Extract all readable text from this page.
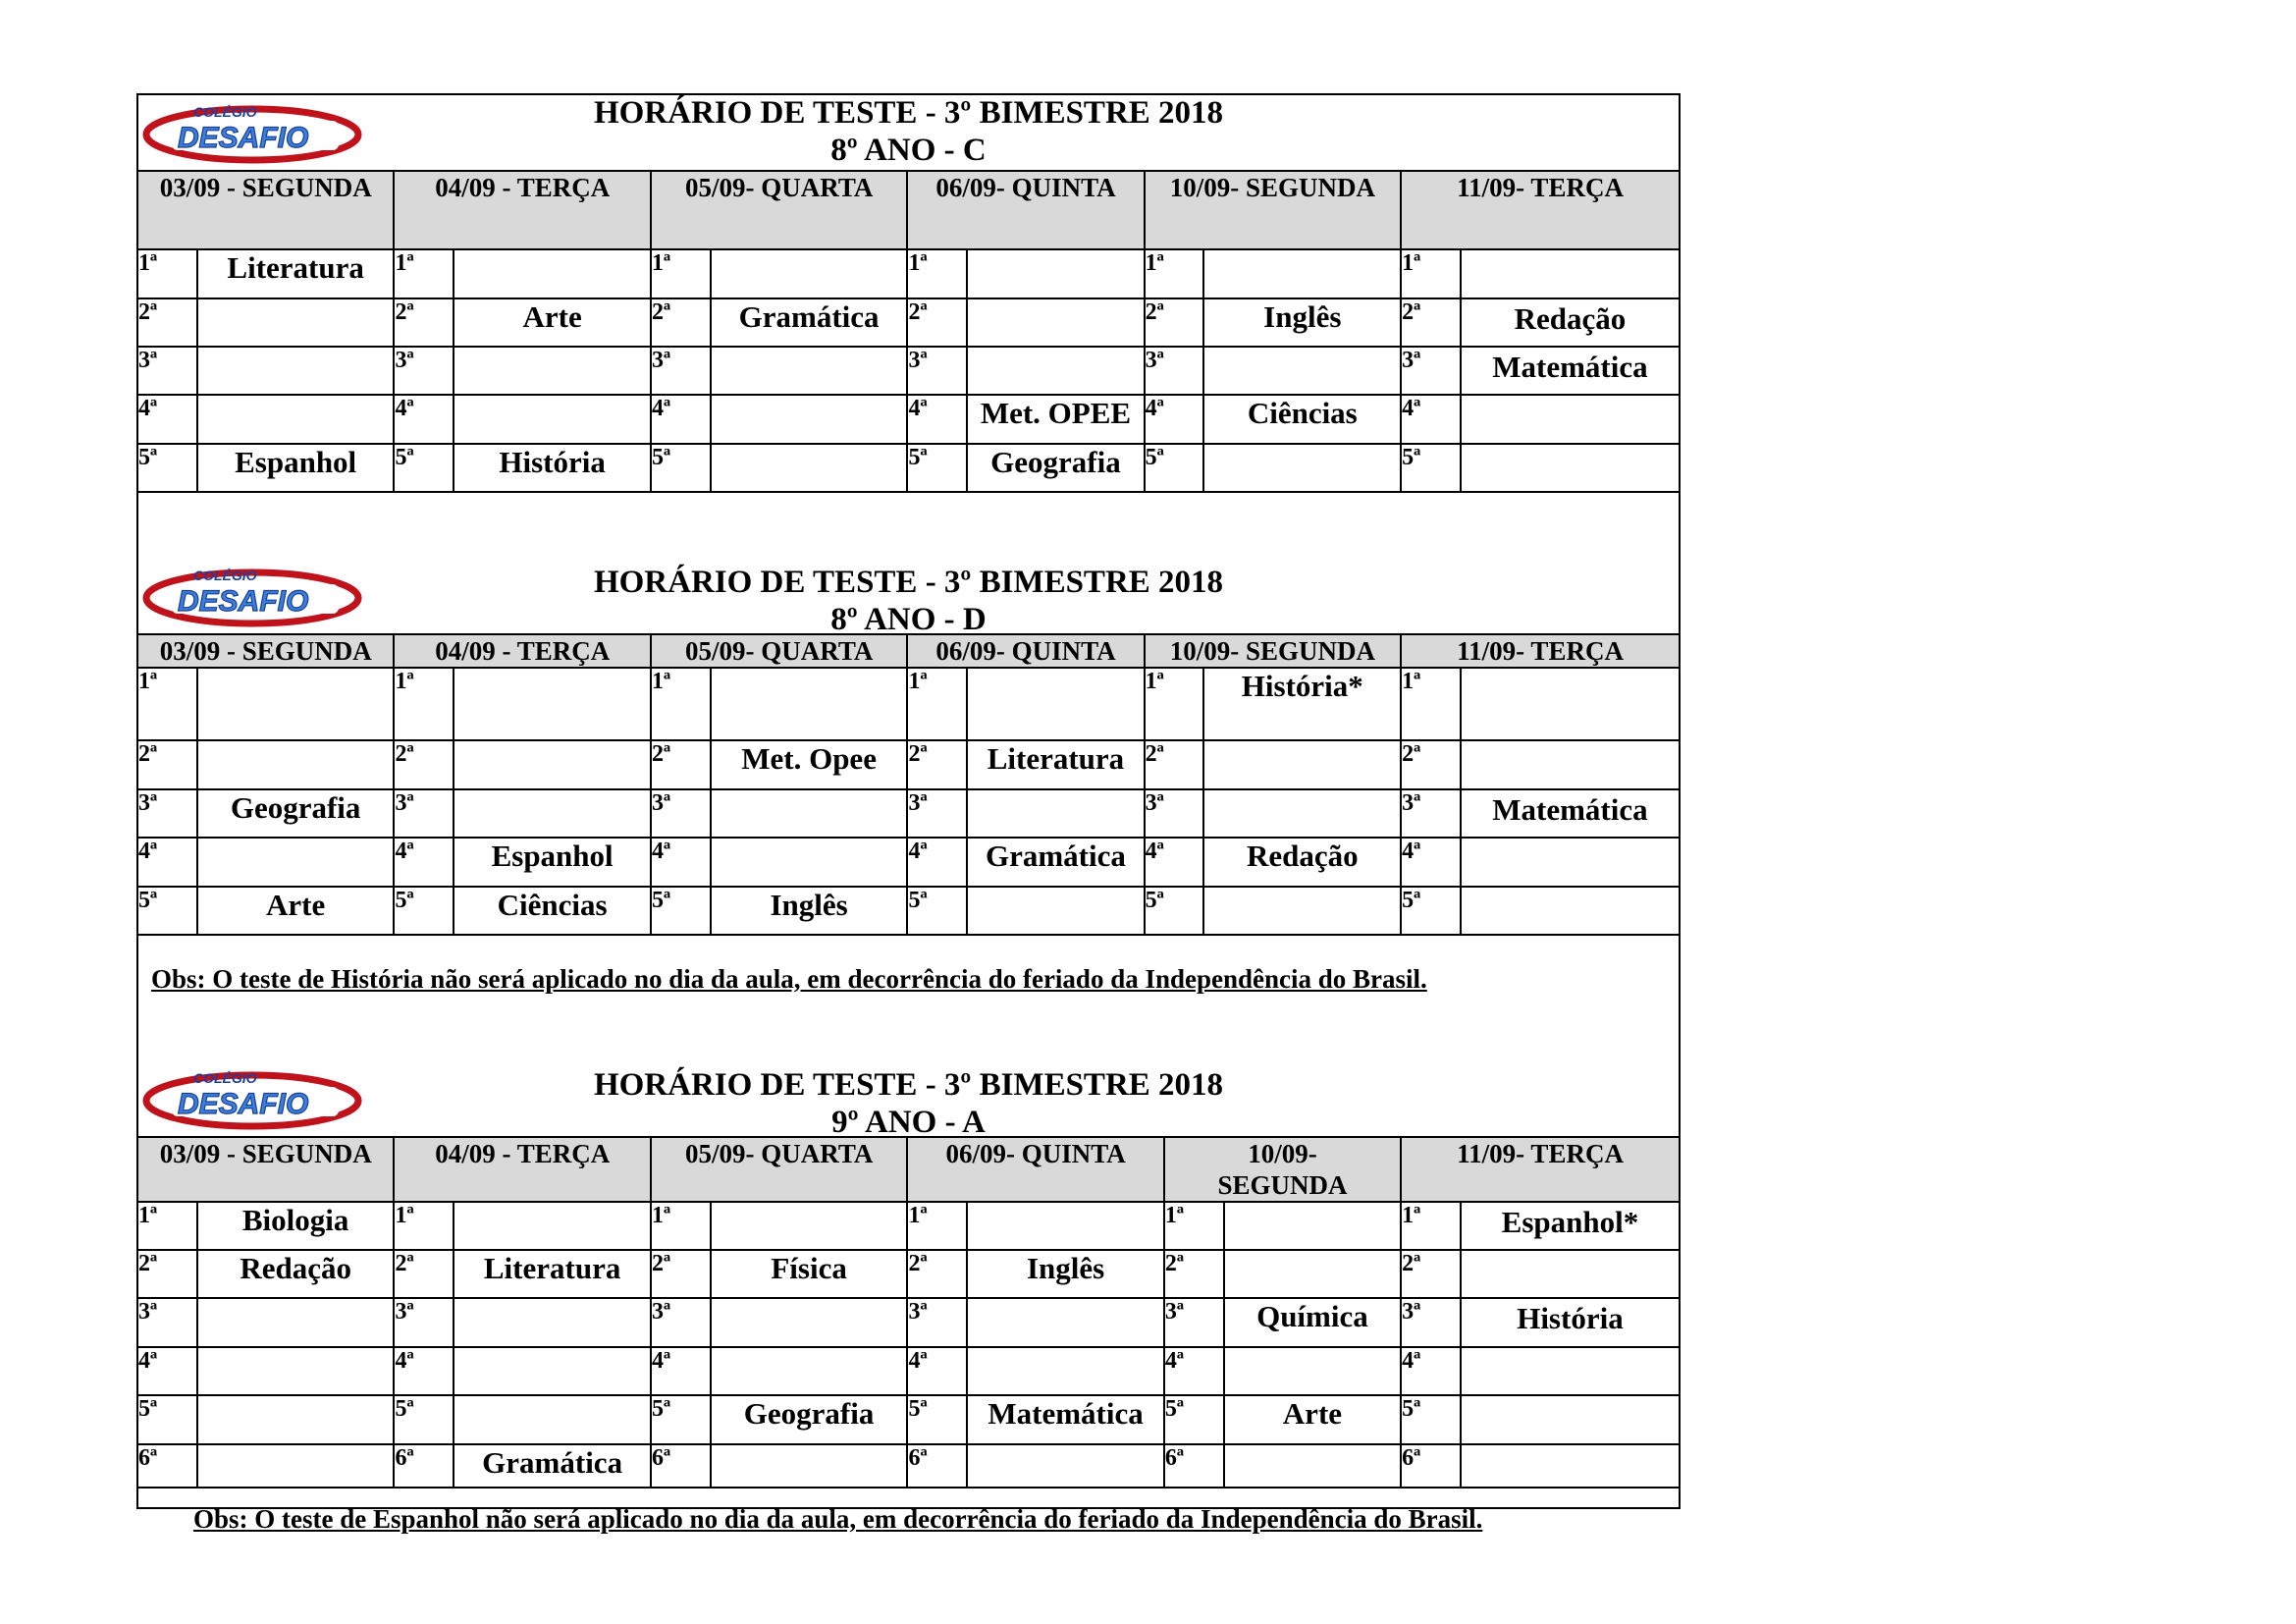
COLÉGIO
DESAFIO
HORÁRIO DE TESTE - 3º BIMESTRE 2018
8º ANO - C
03/09 - SEGUNDA		04/09 - TERÇA		05/09- QUARTA		06/09- QUINTA		10/09- SEGUNDA		11/09- TERÇA	
1ª	Literatura	1ª		1ª		1ª		1ª		1ª	
2ª		2ª	Arte	2ª	Gramática	2ª		2ª	Inglês	2ª	Redação
3ª		3ª		3ª		3ª		3ª		3ª	Matemática
4ª		4ª		4ª		4ª	Met. OPEE	4ª	Ciências	4ª	
5ª	Espanhol	5ª	História	5ª		5ª	Geografia	5ª		5ª	
COLÉGIO
DESAFIO
HORÁRIO DE TESTE - 3º BIMESTRE 2018
8º ANO - D
03/09 - SEGUNDA		04/09 - TERÇA		05/09- QUARTA		06/09- QUINTA		10/09- SEGUNDA		11/09- TERÇA	
1ª		1ª		1ª		1ª		1ª	História*	1ª	
2ª		2ª		2ª	Met. Opee	2ª	Literatura	2ª		2ª	
3ª	Geografia	3ª		3ª		3ª		3ª		3ª	Matemática
4ª		4ª	Espanhol	4ª		4ª	Gramática	4ª	Redação	4ª	
5ª	Arte	5ª	Ciências	5ª	Inglês	5ª		5ª		5ª	
Obs: O teste de História não será aplicado no dia da aula, em decorrência do feriado da Independência do Brasil.
COLÉGIO
DESAFIO
HORÁRIO DE TESTE - 3º BIMESTRE 2018
9º ANO - A
03/09 - SEGUNDA		04/09 - TERÇA		05/09- QUARTA		06/09- QUINTA		10/09- SEGUNDA		11/09- TERÇA	
1ª	Biologia	1ª		1ª		1ª		1ª		1ª	Espanhol*
2ª	Redação	2ª	Literatura	2ª	Física	2ª	Inglês	2ª		2ª	
3ª		3ª		3ª		3ª		3ª	Química	3ª	História
4ª		4ª		4ª		4ª		4ª		4ª	
5ª		5ª		5ª	Geografia	5ª	Matemática	5ª	Arte	5ª	
6ª		6ª	Gramática	6ª		6ª		6ª		6ª	
Obs: O teste de Espanhol não será aplicado no dia da aula, em decorrência do feriado da Independência do Brasil.
